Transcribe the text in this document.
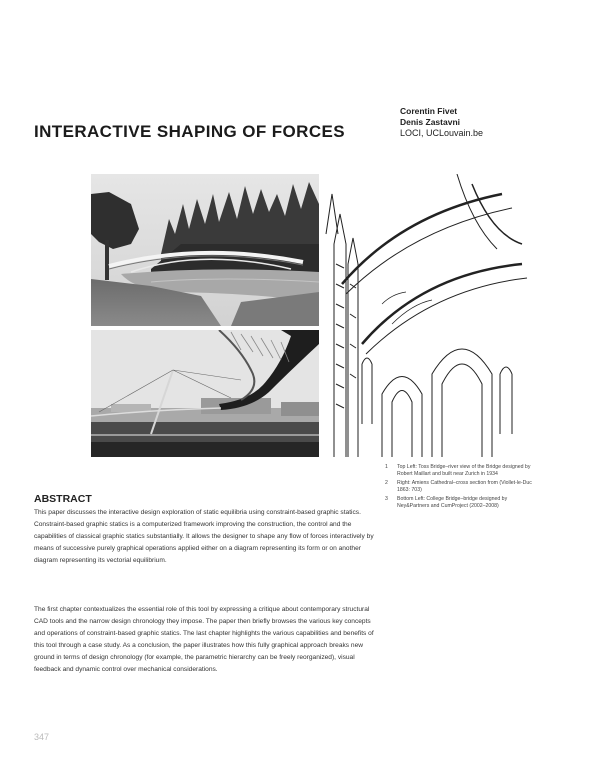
Corentin Fivet
Denis Zastavni
LOCI, UCLouvain.be
INTERACTIVE SHAPING OF FORCES
1	Top Left: Toss Bridge–river view of the Bridge designed by Robert Maillart and built near Zurich in 1934
2	Right: Amiens Cathedral–cross section from (Viollet-le-Duc 1863: 703)
3	Bottom Left: College Bridge–bridge designed by Ney&Partners and CumProject (2002–2008)
ABSTRACT

This paper discusses the interactive design exploration of static equilibria using constraint-based graphic statics. Constraint-based graphic statics is a computerized framework improving the construction, the control and the capabilities of classical graphic statics substantially. It allows the designer to shape any flow of forces interactively by means of successive purely graphical operations applied either on a diagram representing its form or on another diagram representing its vectorial equilibrium.

The first chapter contextualizes the essential role of this tool by expressing a critique about contemporary structural CAD tools and the narrow design chronology they impose. The paper then briefly browses the various key concepts and operations of constraint-based graphic statics. The last chapter highlights the various capabilities and benefits of this tool through a case study. As a conclusion, the paper illustrates how this fully graphical approach breaks new ground in terms of design chronology (for example, the parametric hierarchy can be freely reorganized), visual feedback and dynamic control over mechanical considerations.

347
